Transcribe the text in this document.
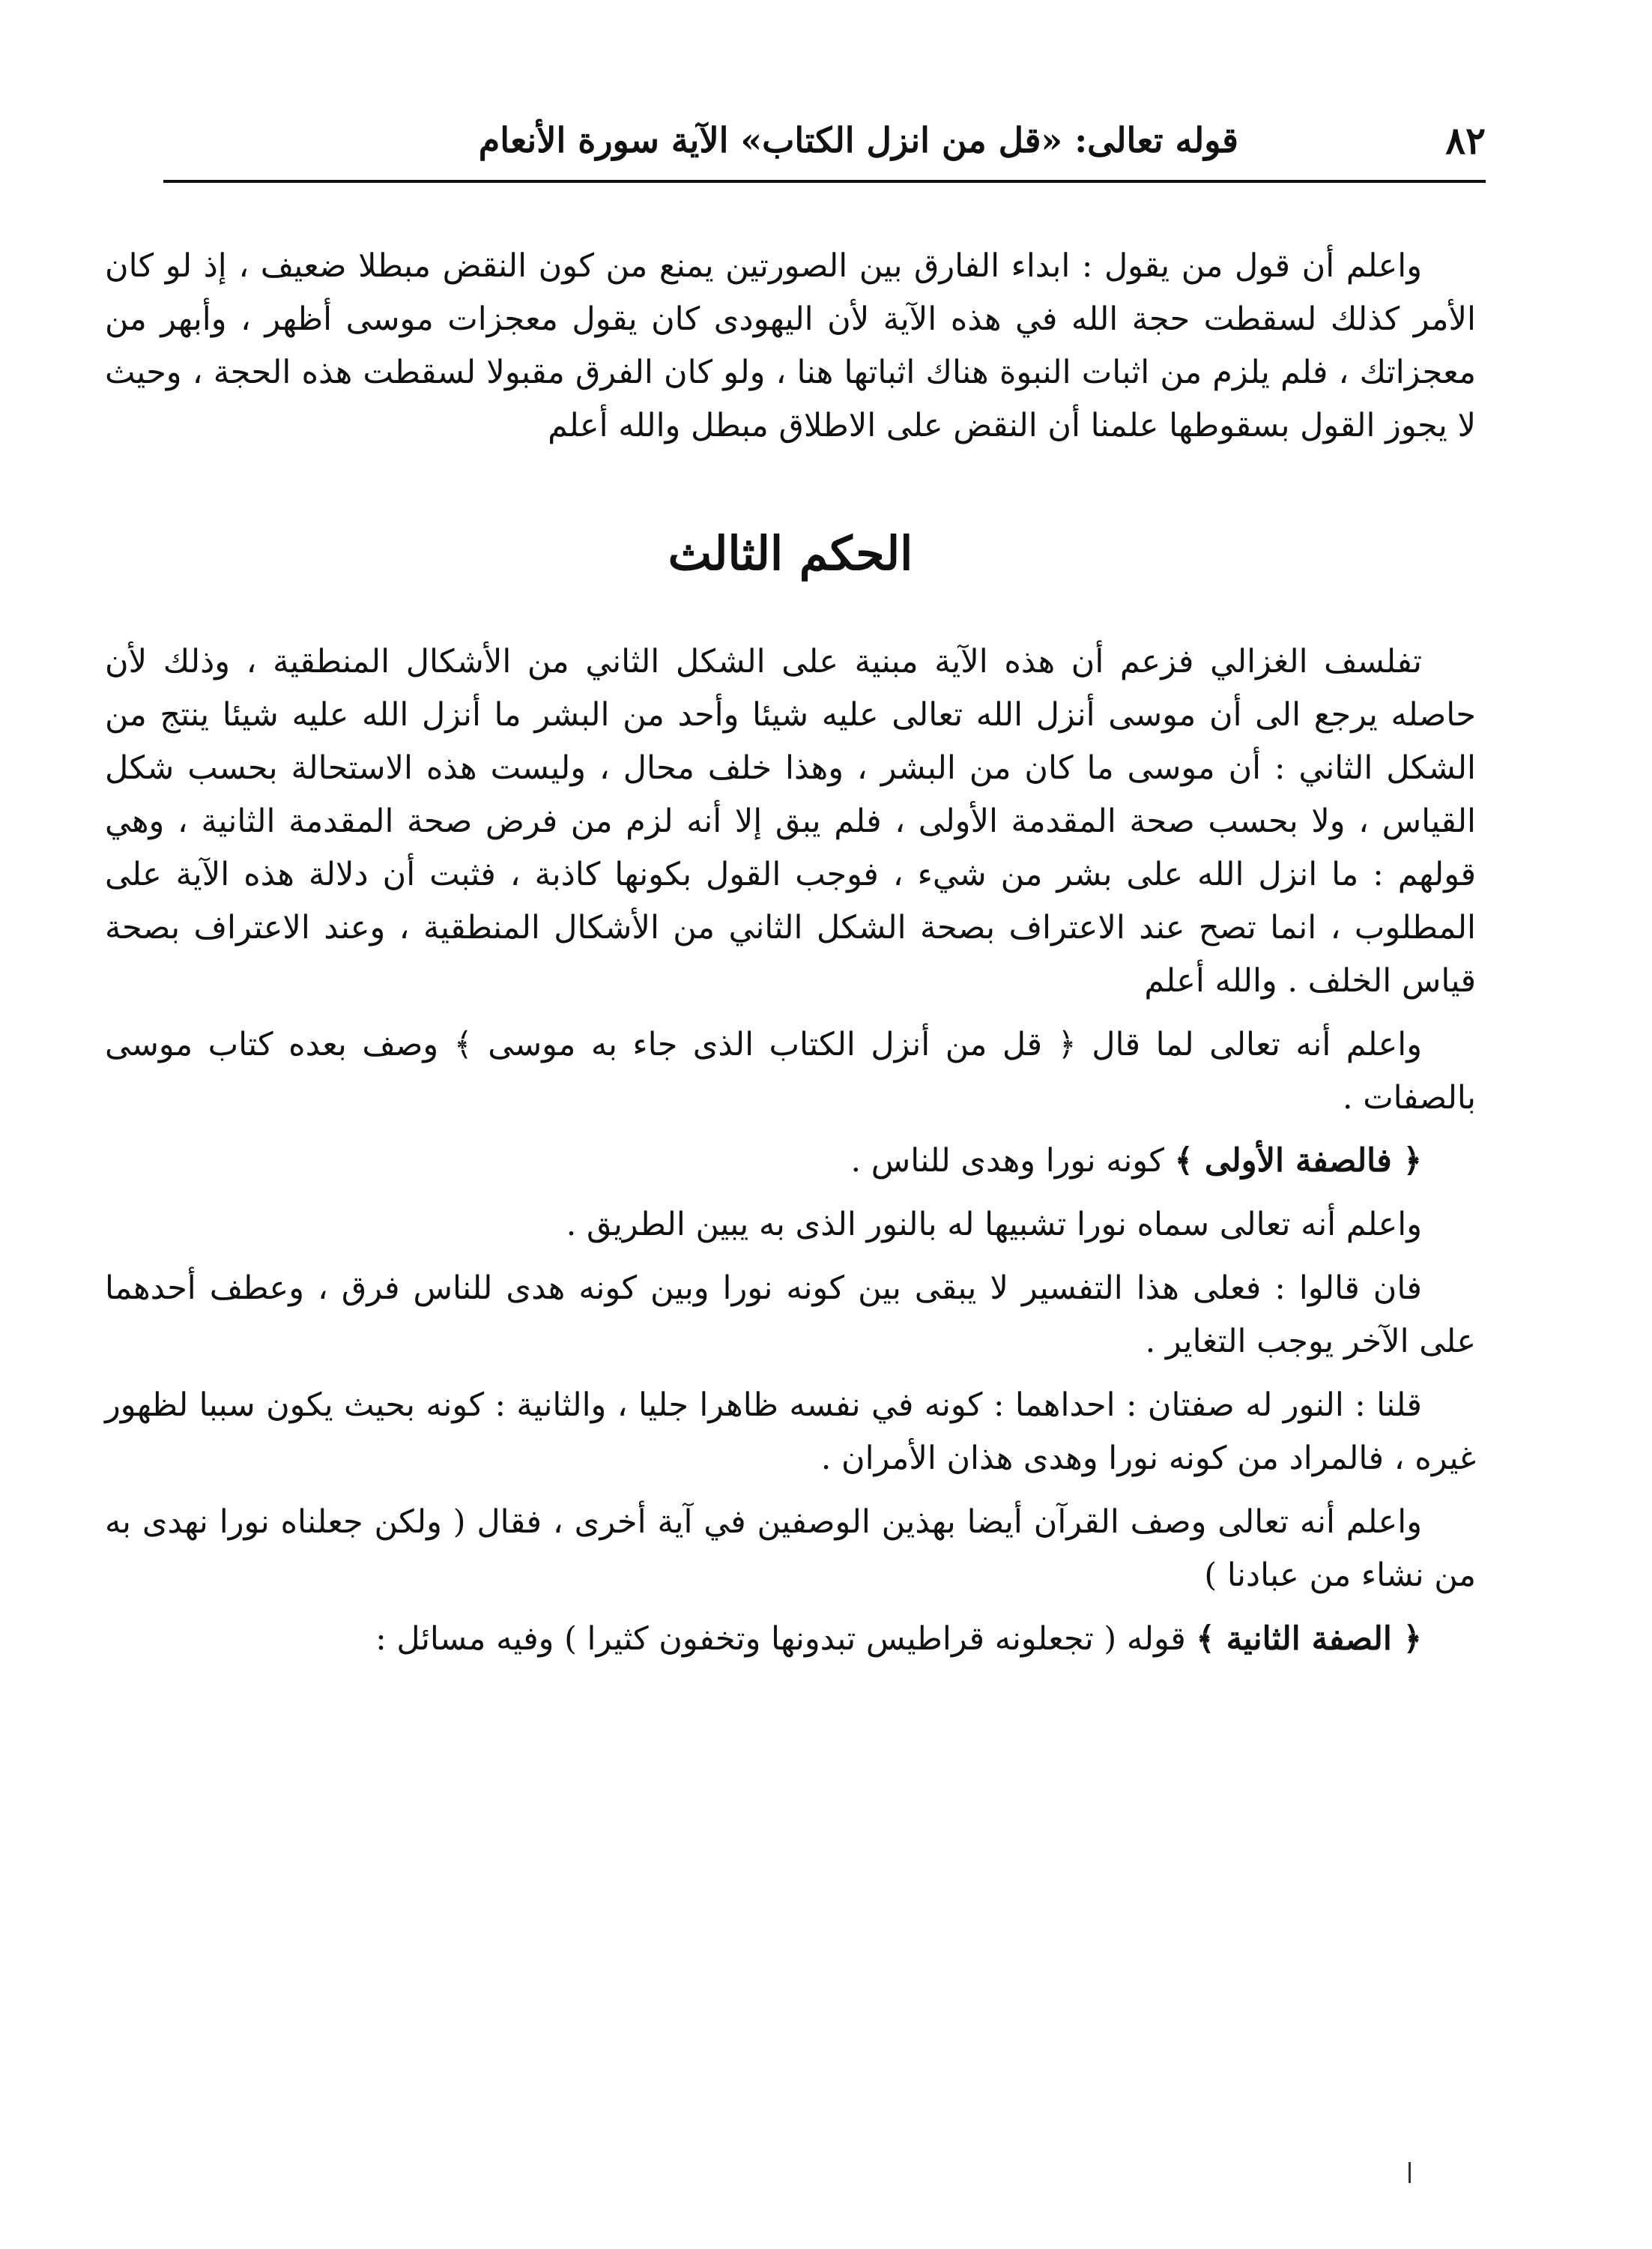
٨٢
قوله تعالى: «قل من انزل الكتاب» الآية سورة الأنعام

واعلم أن قول من يقول : ابداء الفارق بين الصورتين يمنع من كون النقض مبطلا ضعيف ، إذ لو كان الأمر كذلك لسقطت حجة الله في هذه الآية لأن اليهودى كان يقول معجزات موسى أظهر ، وأبهر من معجزاتك ، فلم يلزم من اثبات النبوة هناك اثباتها هنا ، ولو كان الفرق مقبولا لسقطت هذه الحجة ، وحيث لا يجوز القول بسقوطها علمنا أن النقض على الاطلاق مبطل والله أعلم

الحكم الثالث

تفلسف الغزالي فزعم أن هذه الآية مبنية على الشكل الثاني من الأشكال المنطقية ، وذلك لأن حاصله يرجع الى أن موسى أنزل الله تعالى عليه شيئا وأحد من البشر ما أنزل الله عليه شيئا ينتج من الشكل الثاني : أن موسى ما كان من البشر ، وهذا خلف محال ، وليست هذه الاستحالة بحسب شكل القياس ، ولا بحسب صحة المقدمة الأولى ، فلم يبق إلا أنه لزم من فرض صحة المقدمة الثانية ، وهي قولهم : ما انزل الله على بشر من شيء ، فوجب القول بكونها كاذبة ، فثبت أن دلالة هذه الآية على المطلوب ، انما تصح عند الاعتراف بصحة الشكل الثاني من الأشكال المنطقية ، وعند الاعتراف بصحة قياس الخلف . والله أعلم

واعلم أنه تعالى لما قال ﴿ قل من أنزل الكتاب الذى جاء به موسى ﴾ وصف بعده كتاب موسى بالصفات .

﴿ فالصفة الأولى ﴾ كونه نورا وهدى للناس .

واعلم أنه تعالى سماه نورا تشبيها له بالنور الذى به يبين الطريق .

فان قالوا : فعلى هذا التفسير لا يبقى بين كونه نورا وبين كونه هدى للناس فرق ، وعطف أحدهما على الآخر يوجب التغاير .

قلنا : النور له صفتان : احداهما : كونه في نفسه ظاهرا جليا ، والثانية : كونه بحيث يكون سببا لظهور غيره ، فالمراد من كونه نورا وهدى هذان الأمران .

واعلم أنه تعالى وصف القرآن أيضا بهذين الوصفين في آية أخرى ، فقال ( ولكن جعلناه نورا نهدى به من نشاء من عبادنا )

﴿ الصفة الثانية ﴾ قوله ( تجعلونه قراطيس تبدونها وتخفون كثيرا ) وفيه مسائل :
